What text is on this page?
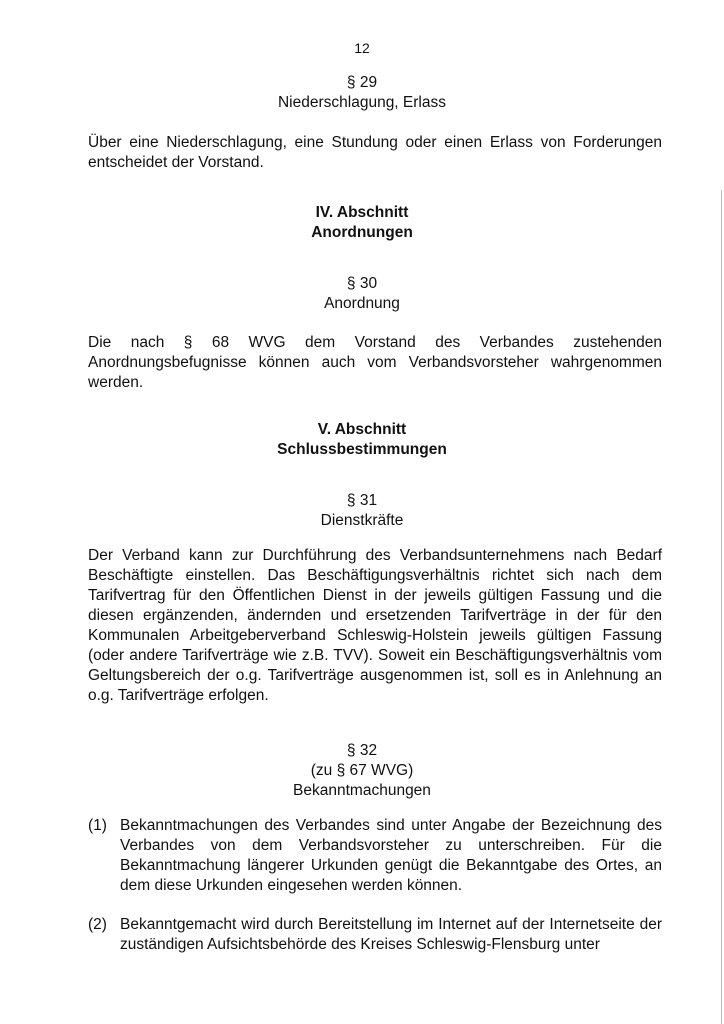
12
§ 29
Niederschlagung, Erlass
Über eine Niederschlagung, eine Stundung oder einen Erlass von Forderungen entscheidet der Vorstand.
IV. Abschnitt
Anordnungen
§ 30
Anordnung
Die nach § 68 WVG dem Vorstand des Verbandes zustehenden Anordnungsbefugnisse können auch vom Verbandsvorsteher wahrgenommen werden.
V. Abschnitt
Schlussbestimmungen
§ 31
Dienstkräfte
Der Verband kann zur Durchführung des Verbandsunternehmens nach Bedarf Beschäftigte einstellen. Das Beschäftigungsverhältnis richtet sich nach dem Tarifvertrag für den Öffentlichen Dienst in der jeweils gültigen Fassung und die diesen ergänzenden, ändernden und ersetzenden Tarifverträge in der für den Kommunalen Arbeitgeberverband Schleswig-Holstein jeweils gültigen Fassung (oder andere Tarifverträge wie z.B. TVV). Soweit ein Beschäftigungsverhältnis vom Geltungsbereich der o.g. Tarifverträge ausgenommen ist, soll es in Anlehnung an o.g. Tarifverträge erfolgen.
§ 32
(zu § 67 WVG)
Bekanntmachungen
(1) Bekanntmachungen des Verbandes sind unter Angabe der Bezeichnung des Verbandes von dem Verbandsvorsteher zu unterschreiben. Für die Bekanntmachung längerer Urkunden genügt die Bekanntgabe des Ortes, an dem diese Urkunden eingesehen werden können.
(2) Bekanntgemacht wird durch Bereitstellung im Internet auf der Internetseite der zuständigen Aufsichtsbehörde des Kreises Schleswig-Flensburg unter
